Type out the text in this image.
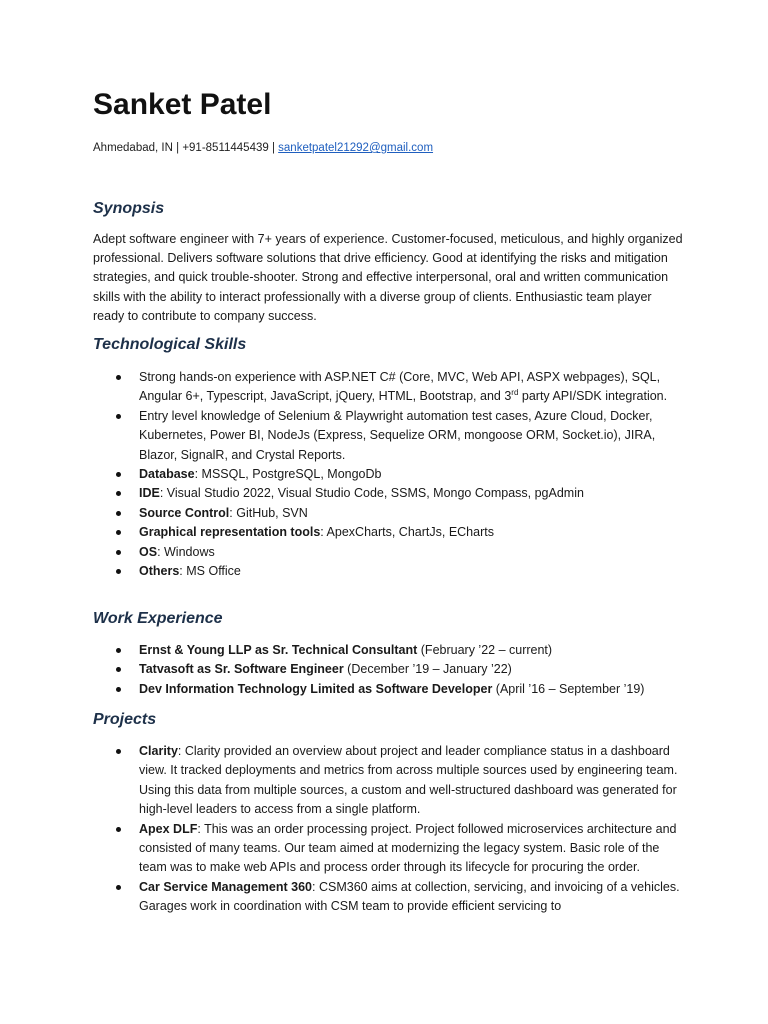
Sanket Patel
Ahmedabad, IN | +91-8511445439 | sanketpatel21292@gmail.com
Synopsis

Adept software engineer with 7+ years of experience. Customer-focused, meticulous, and highly organized professional. Delivers software solutions that drive efficiency. Good at identifying the risks and mitigation strategies, and quick trouble-shooter. Strong and effective interpersonal, oral and written communication skills with the ability to interact professionally with a diverse group of clients. Enthusiastic team player ready to contribute to company success.

Technological Skills
Strong hands-on experience with ASP.NET C# (Core, MVC, Web API, ASPX webpages), SQL, Angular 6+, Typescript, JavaScript, jQuery, HTML, Bootstrap, and 3rd party API/SDK integration.
Entry level knowledge of Selenium & Playwright automation test cases, Azure Cloud, Docker, Kubernetes, Power BI, NodeJs (Express, Sequelize ORM, mongoose ORM, Socket.io), JIRA, Blazor, SignalR, and Crystal Reports.
Database: MSSQL, PostgreSQL, MongoDb
IDE: Visual Studio 2022, Visual Studio Code, SSMS, Mongo Compass, pgAdmin
Source Control: GitHub, SVN
Graphical representation tools: ApexCharts, ChartJs, ECharts
OS: Windows
Others: MS Office
Work Experience
Ernst & Young LLP as Sr. Technical Consultant (February ’22 – current)
Tatvasoft as Sr. Software Engineer (December ’19 – January ’22)
Dev Information Technology Limited as Software Developer (April ’16 – September ’19)
Projects
Clarity: Clarity provided an overview about project and leader compliance status in a dashboard view. It tracked deployments and metrics from across multiple sources used by engineering team. Using this data from multiple sources, a custom and well-structured dashboard was generated for high-level leaders to access from a single platform.
Apex DLF: This was an order processing project. Project followed microservices architecture and consisted of many teams. Our team aimed at modernizing the legacy system. Basic role of the team was to make web APIs and process order through its lifecycle for procuring the order.
Car Service Management 360: CSM360 aims at collection, servicing, and invoicing of a vehicles. Garages work in coordination with CSM team to provide efficient servicing to
